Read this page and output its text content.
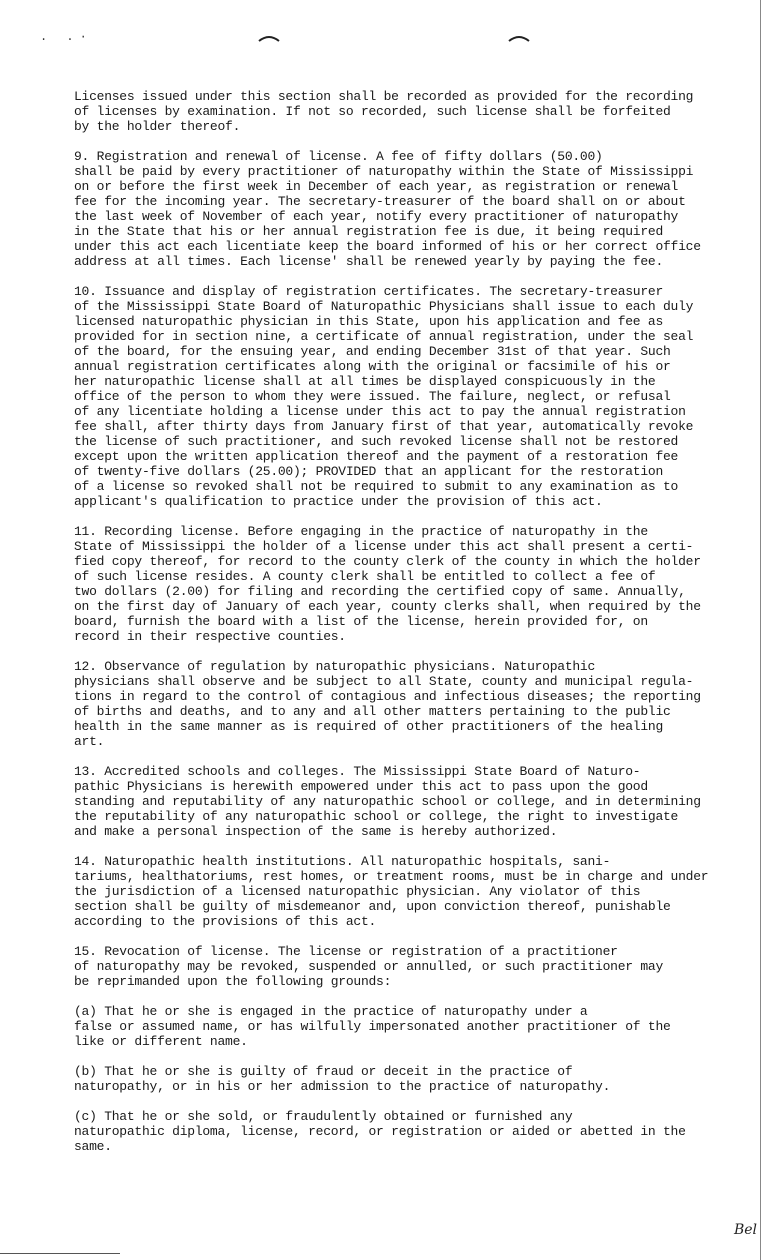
. .·

Licenses issued under this section shall be recorded as provided for the recording
of licenses by examination. If not so recorded, such license shall be forfeited
by the holder thereof.

9. Registration and renewal of license. A fee of fifty dollars (50.00)
shall be paid by every practitioner of naturopathy within the State of Mississippi
on or before the first week in December of each year, as registration or renewal
fee for the incoming year. The secretary-treasurer of the board shall on or about
the last week of November of each year, notify every practitioner of naturopathy
in the State that his or her annual registration fee is due, it being required
under this act each licentiate keep the board informed of his or her correct office
address at all times. Each license' shall be renewed yearly by paying the fee.

10. Issuance and display of registration certificates. The secretary-treasurer
of the Mississippi State Board of Naturopathic Physicians shall issue to each duly
licensed naturopathic physician in this State, upon his application and fee as
provided for in section nine, a certificate of annual registration, under the seal
of the board, for the ensuing year, and ending December 31st of that year. Such
annual registration certificates along with the original or facsimile of his or
her naturopathic license shall at all times be displayed conspicuously in the
office of the person to whom they were issued. The failure, neglect, or refusal
of any licentiate holding a license under this act to pay the annual registration
fee shall, after thirty days from January first of that year, automatically revoke
the license of such practitioner, and such revoked license shall not be restored
except upon the written application thereof and the payment of a restoration fee
of twenty-five dollars (25.00); PROVIDED that an applicant for the restoration
of a license so revoked shall not be required to submit to any examination as to
applicant's qualification to practice under the provision of this act.

11. Recording license. Before engaging in the practice of naturopathy in the
State of Mississippi the holder of a license under this act shall present a certi-
fied copy thereof, for record to the county clerk of the county in which the holder
of such license resides. A county clerk shall be entitled to collect a fee of
two dollars (2.00) for filing and recording the certified copy of same. Annually,
on the first day of January of each year, county clerks shall, when required by the
board, furnish the board with a list of the license, herein provided for, on
record in their respective counties.

12. Observance of regulation by naturopathic physicians. Naturopathic
physicians shall observe and be subject to all State, county and municipal regula-
tions in regard to the control of contagious and infectious diseases; the reporting
of births and deaths, and to any and all other matters pertaining to the public
health in the same manner as is required of other practitioners of the healing
art.

13. Accredited schools and colleges. The Mississippi State Board of Naturo-
pathic Physicians is herewith empowered under this act to pass upon the good
standing and reputability of any naturopathic school or college, and in determining
the reputability of any naturopathic school or college, the right to investigate
and make a personal inspection of the same is hereby authorized.

14. Naturopathic health institutions. All naturopathic hospitals, sani-
tariums, healthatoriums, rest homes, or treatment rooms, must be in charge and under
the jurisdiction of a licensed naturopathic physician. Any violator of this
section shall be guilty of misdemeanor and, upon conviction thereof, punishable
according to the provisions of this act.

15. Revocation of license. The license or registration of a practitioner
of naturopathy may be revoked, suspended or annulled, or such practitioner may
be reprimanded upon the following grounds:

(a) That he or she is engaged in the practice of naturopathy under a
false or assumed name, or has wilfully impersonated another practitioner of the
like or different name.

(b) That he or she is guilty of fraud or deceit in the practice of
naturopathy, or in his or her admission to the practice of naturopathy.

(c) That he or she sold, or fraudulently obtained or furnished any
naturopathic diploma, license, record, or registration or aided or abetted in the
same.

Bel
